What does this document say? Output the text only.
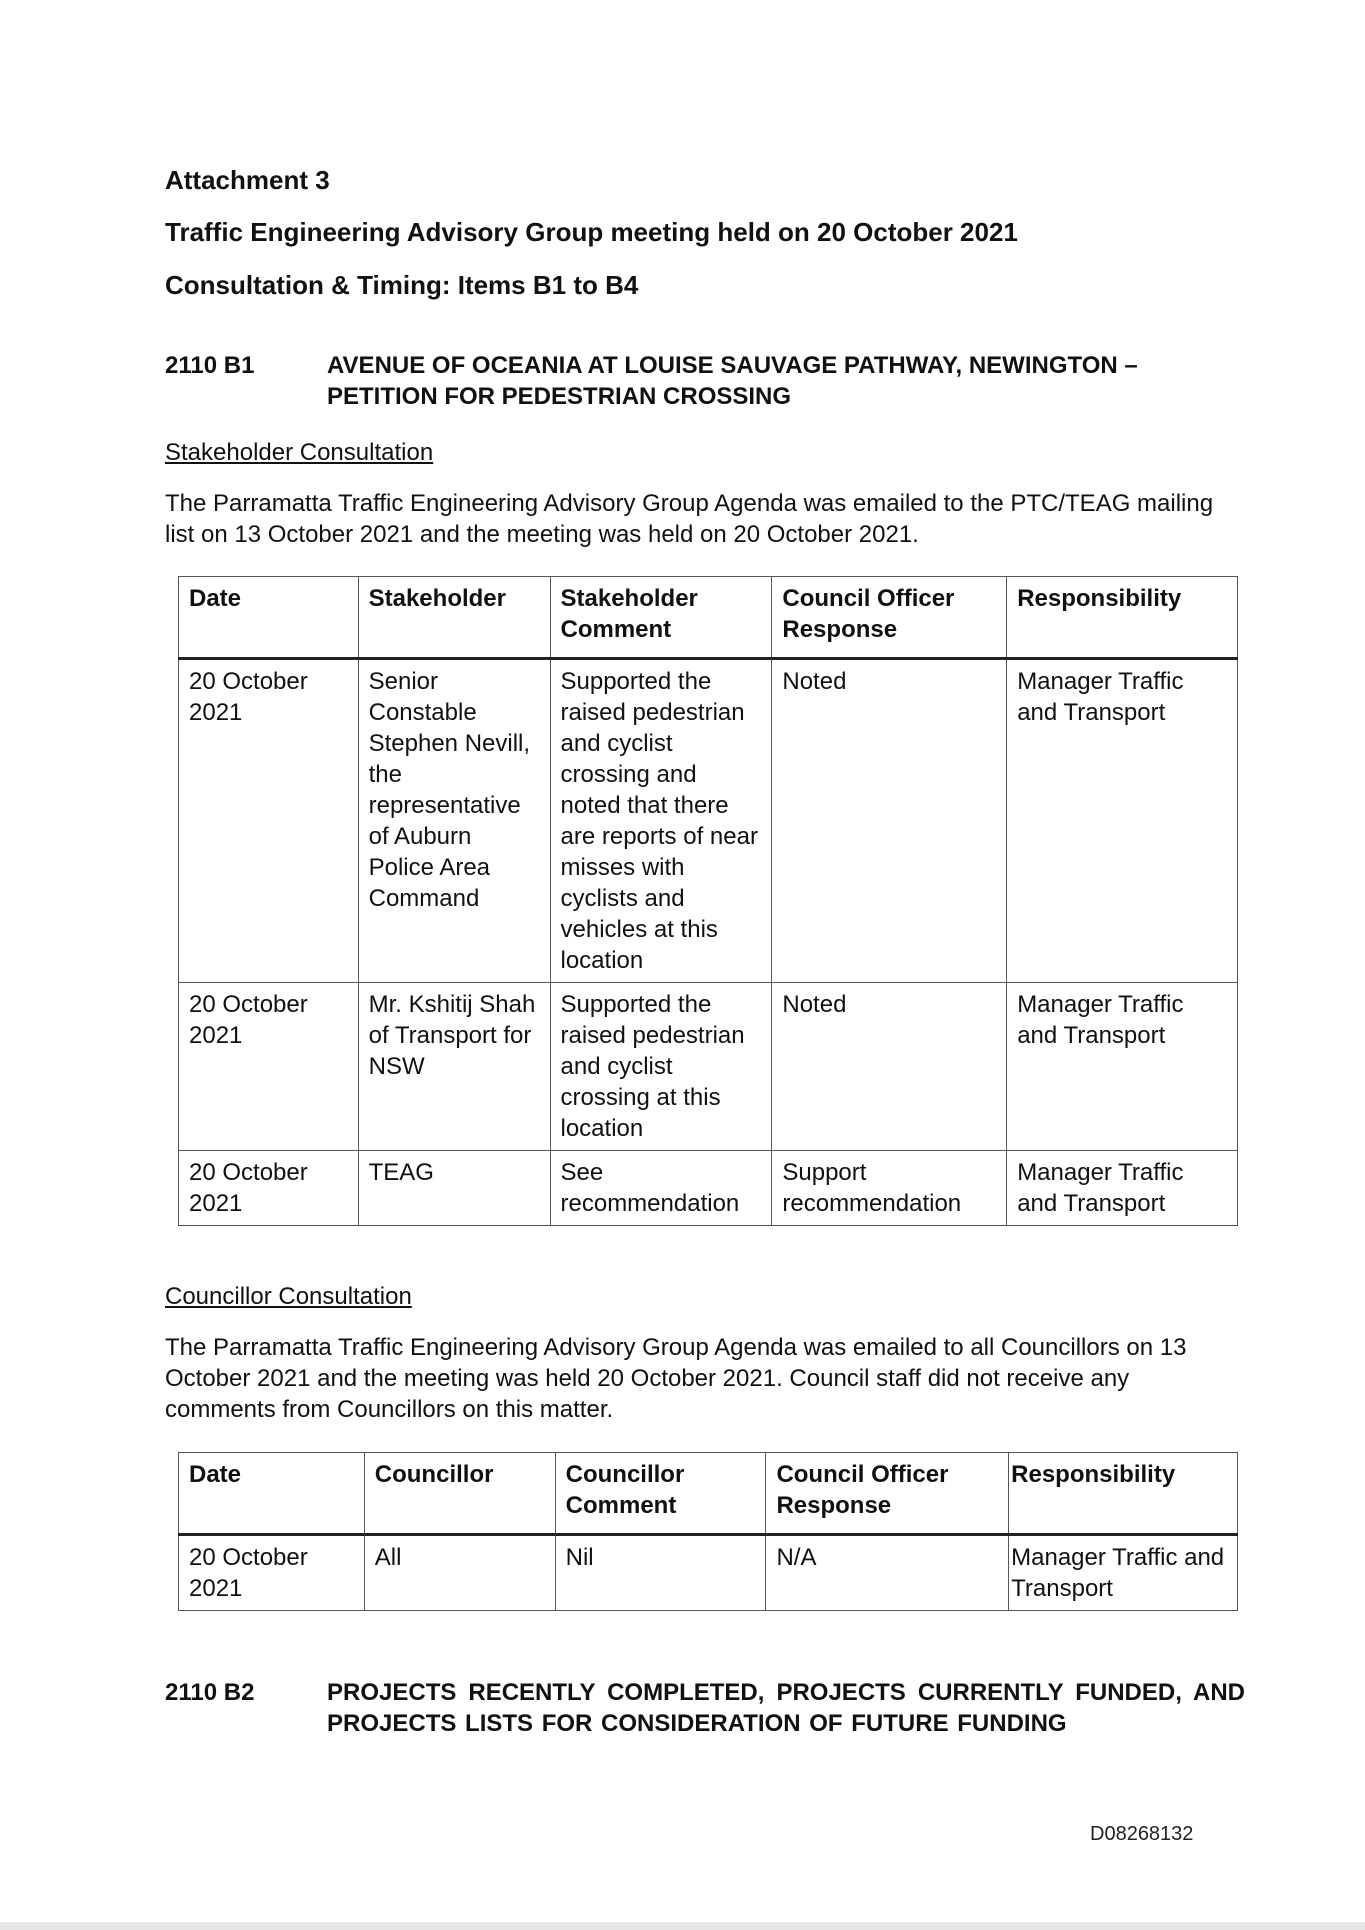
Attachment 3
Traffic Engineering Advisory Group meeting held on 20 October 2021
Consultation & Timing: Items B1 to B4
2110 B1	AVENUE OF OCEANIA AT LOUISE SAUVAGE PATHWAY, NEWINGTON – PETITION FOR PEDESTRIAN CROSSING
Stakeholder Consultation
The Parramatta Traffic Engineering Advisory Group Agenda was emailed to the PTC/TEAG mailing list on 13 October 2021 and the meeting was held on 20 October 2021.
Date	Stakeholder	Stakeholder Comment	Council Officer Response	Responsibility
20 October 2021	Senior Constable Stephen Nevill, the representative of Auburn Police Area Command	Supported the raised pedestrian and cyclist crossing and noted that there are reports of near misses with cyclists and vehicles at this location	Noted	Manager Traffic and Transport
20 October 2021	Mr. Kshitij Shah of Transport for NSW	Supported the raised pedestrian and cyclist crossing at this location	Noted	Manager Traffic and Transport
20 October 2021	TEAG	See recommendation	Support recommendation	Manager Traffic and Transport
Councillor Consultation
The Parramatta Traffic Engineering Advisory Group Agenda was emailed to all Councillors on 13 October 2021 and the meeting was held 20 October 2021. Council staff did not receive any comments from Councillors on this matter.
Date	Councillor	Councillor Comment	Council Officer Response	Responsibility
20 October 2021	All	Nil	N/A	Manager Traffic and Transport
2110 B2	PROJECTS RECENTLY COMPLETED, PROJECTS CURRENTLY FUNDED, AND PROJECTS LISTS FOR CONSIDERATION OF FUTURE FUNDING
D08268132
